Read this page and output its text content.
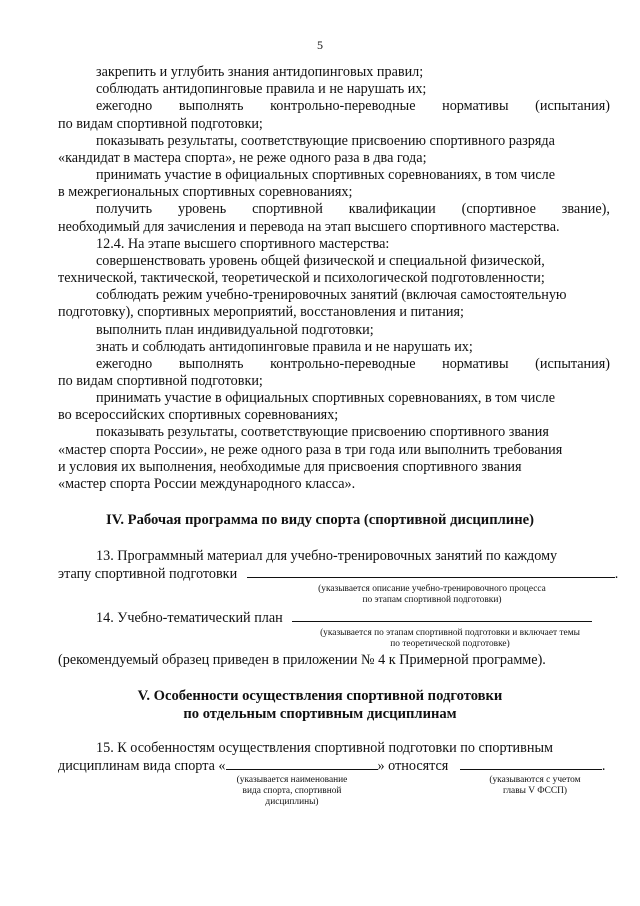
5
закрепить и углубить знания антидопинговых правил;
соблюдать антидопинговые правила и не нарушать их;
ежегодно выполнять контрольно-переводные нормативы (испытания)
по видам спортивной подготовки;
показывать результаты, соответствующие присвоению спортивного разряда
«кандидат в мастера спорта», не реже одного раза в два года;
принимать участие в официальных спортивных соревнованиях, в том числе
в межрегиональных спортивных соревнованиях;
получить уровень спортивной квалификации (спортивное звание),
необходимый для зачисления и перевода на этап высшего спортивного мастерства.
12.4. На этапе высшего спортивного мастерства:
совершенствовать уровень общей физической и специальной физической,
технической, тактической, теоретической и психологической подготовленности;
соблюдать режим учебно-тренировочных занятий (включая самостоятельную
подготовку), спортивных мероприятий, восстановления и питания;
выполнить план индивидуальной подготовки;
знать и соблюдать антидопинговые правила и не нарушать их;
ежегодно выполнять контрольно-переводные нормативы (испытания)
по видам спортивной подготовки;
принимать участие в официальных спортивных соревнованиях, в том числе
во всероссийских спортивных соревнованиях;
показывать результаты, соответствующие присвоению спортивного звания
«мастер спорта России», не реже одного раза в три года или выполнить требования
и условия их выполнения, необходимые для присвоения спортивного звания
«мастер спорта России международного класса».
IV. Рабочая программа по виду спорта (спортивной дисциплине)
13. Программный материал для учебно-тренировочных занятий по каждому
этапу спортивной подготовки	.
(указывается описание учебно-тренировочного процесса
по этапам спортивной подготовки)
14. Учебно-тематический план
(указывается по этапам спортивной подготовки и включает темы
по теоретической подготовке)
(рекомендуемый образец приведен в приложении № 4 к Примерной программе).
V. Особенности осуществления спортивной подготовки
по отдельным спортивным дисциплинам
15. К особенностям осуществления спортивной подготовки по спортивным
дисциплинам вида спорта «	» относятся	.
(указывается наименование
вида спорта, спортивной
дисциплины)
(указываются с учетом
главы V ФССП)
